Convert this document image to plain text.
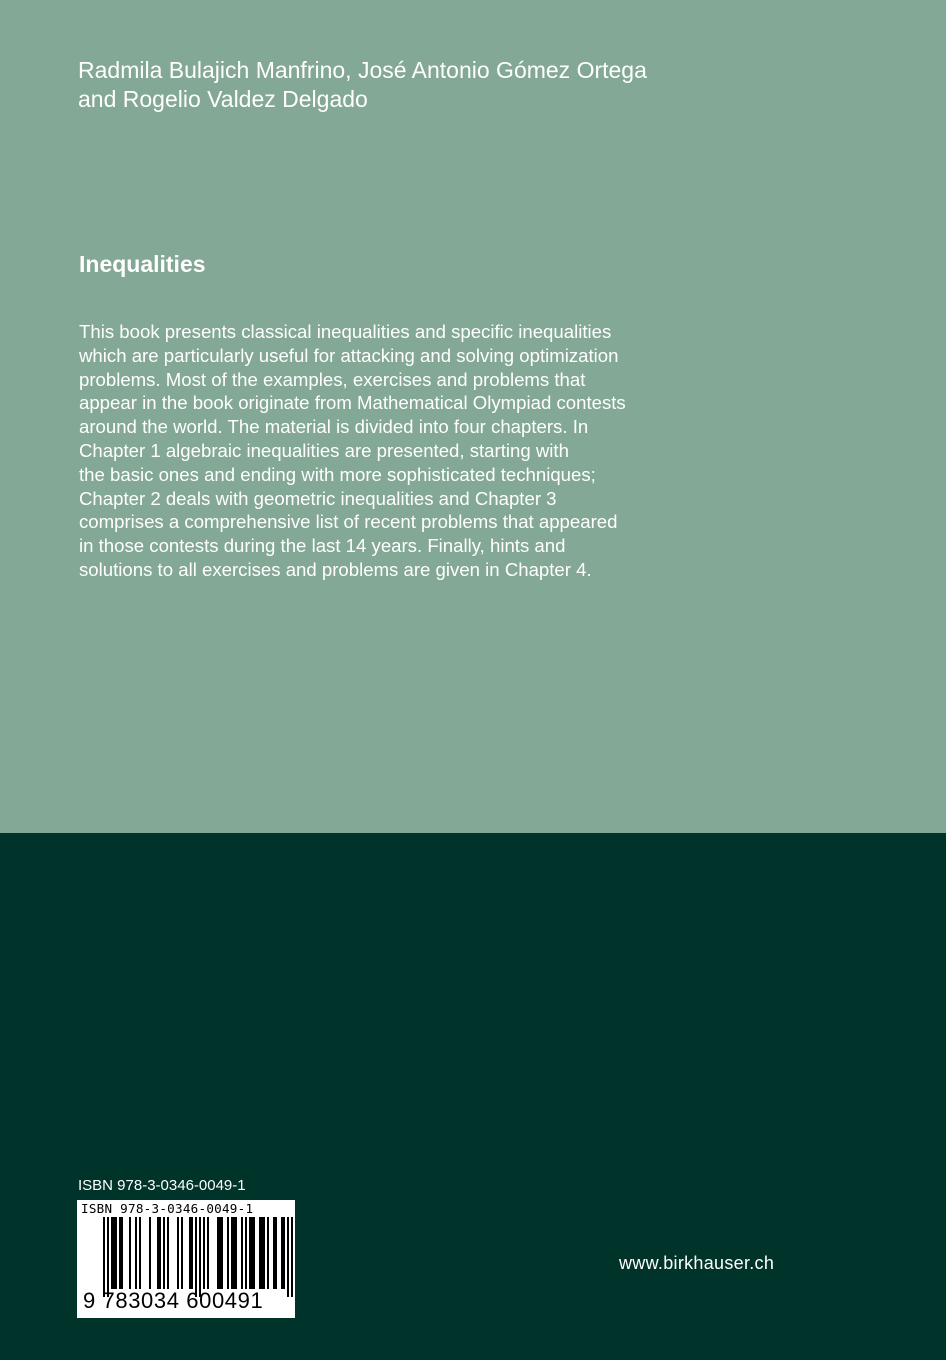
Radmila Bulajich Manfrino, José Antonio Gómez Ortega
and Rogelio Valdez Delgado
Inequalities
This book presents classical inequalities and specific inequalities
which are particularly useful for attacking and solving optimization
problems. Most of the examples, exercises and problems that
appear in the book originate from Mathematical Olympiad contests
around the world. The material is divided into four chapters. In
Chapter 1 algebraic inequalities are presented, starting with
the basic ones and ending with more sophisticated techniques;
Chapter 2 deals with geometric inequalities and Chapter 3
comprises a comprehensive list of recent problems that appeared
in those contests during the last 14 years. Finally, hints and
solutions to all exercises and problems are given in Chapter 4.
ISBN 978-3-0346-0049-1
ISBN 978-3-0346-0049-1
9 783034 600491
www.birkhauser.ch
